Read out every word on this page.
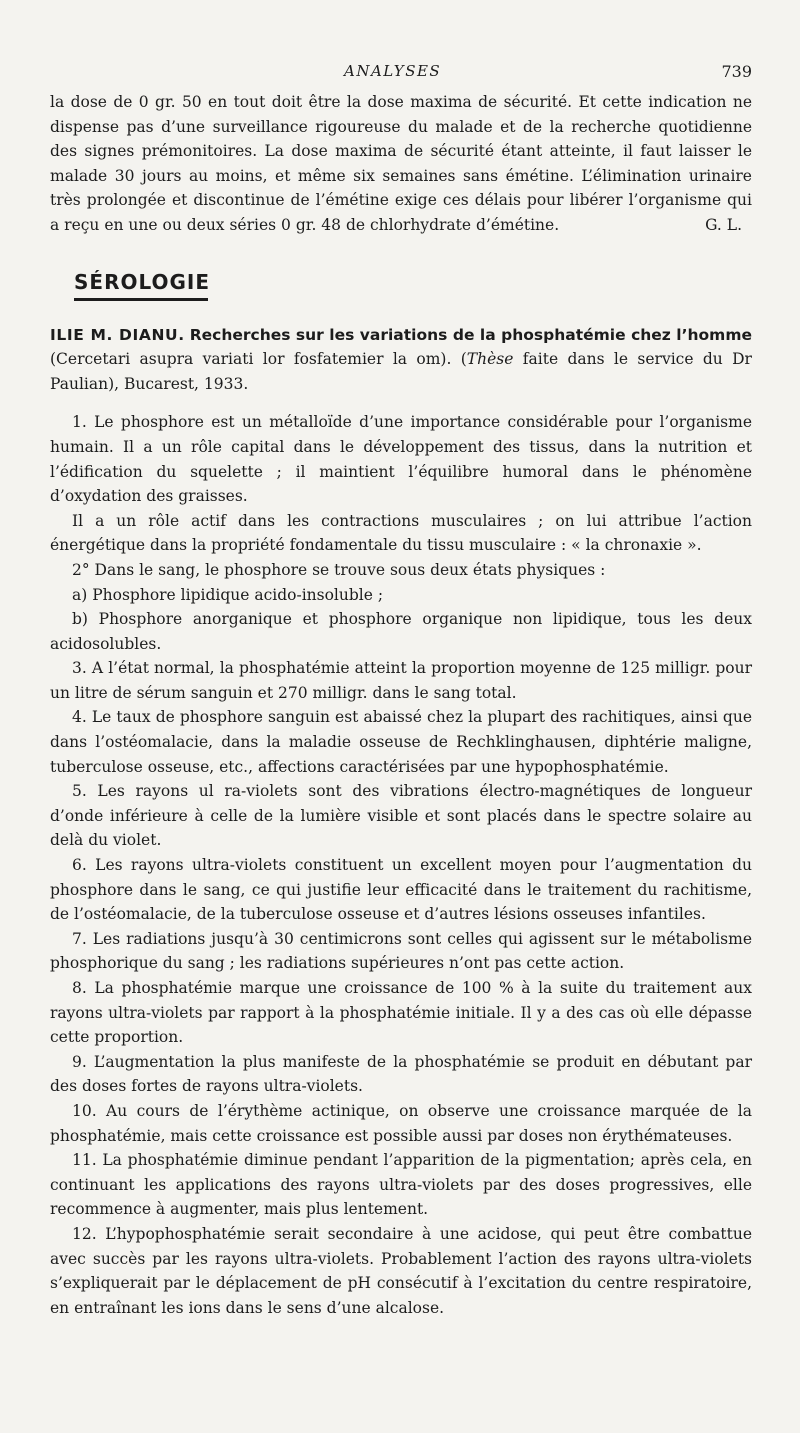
ANALYSES	739

la dose de 0 gr. 50 en tout doit être la dose maxima de sécurité. Et cette indication ne dispense pas d’une surveillance rigoureuse du malade et de la recherche quotidienne des signes prémonitoires. La dose maxima de sécurité étant atteinte, il faut laisser le malade 30 jours au moins, et même six semaines sans émétine. L’élimination urinaire très prolongée et discontinue de l’émétine exige ces délais pour libérer l’organisme qui a reçu en une ou deux séries 0 gr. 48 de chlorhydrate d’émétine.	G. L.

SÉROLOGIE

ILIE M. DIANU. Recherches sur les variations de la phosphatémie chez l’homme (Cercetari asupra variati lor fosfatemier la om). (Thèse faite dans le service du Dr Paulian), Bucarest, 1933.

1. Le phosphore est un métalloïde d’une importance considérable pour l’organisme humain. Il a un rôle capital dans le développement des tissus, dans la nutrition et l’édification du squelette ; il maintient l’équilibre humoral dans le phénomène d’oxydation des graisses.

Il a un rôle actif dans les contractions musculaires ; on lui attribue l’action énergétique dans la propriété fondamentale du tissu musculaire : « la chronaxie ».

2° Dans le sang, le phosphore se trouve sous deux états physiques :

a) Phosphore lipidique acido-insoluble ;

b) Phosphore anorganique et phosphore organique non lipidique, tous les deux acidosolubles.

3. A l’état normal, la phosphatémie atteint la proportion moyenne de 125 milligr. pour un litre de sérum sanguin et 270 milligr. dans le sang total.

4. Le taux de phosphore sanguin est abaissé chez la plupart des rachitiques, ainsi que dans l’ostéomalacie, dans la maladie osseuse de Rechklinghausen, diphtérie maligne, tuberculose osseuse, etc., affections caractérisées par une hypophosphatémie.

5. Les rayons ul ra-violets sont des vibrations électro-magnétiques de longueur d’onde inférieure à celle de la lumière visible et sont placés dans le spectre solaire au delà du violet.

6. Les rayons ultra-violets constituent un excellent moyen pour l’augmentation du phosphore dans le sang, ce qui justifie leur efficacité dans le traitement du rachitisme, de l’ostéomalacie, de la tuberculose osseuse et d’autres lésions osseuses infantiles.

7. Les radiations jusqu’à 30 centimicrons sont celles qui agissent sur le métabolisme phosphorique du sang ; les radiations supérieures n’ont pas cette action.

8. La phosphatémie marque une croissance de 100 % à la suite du traitement aux rayons ultra-violets par rapport à la phosphatémie initiale. Il y a des cas où elle dépasse cette proportion.

9. L’augmentation la plus manifeste de la phosphatémie se produit en débutant par des doses fortes de rayons ultra-violets.

10. Au cours de l’érythème actinique, on observe une croissance marquée de la phosphatémie, mais cette croissance est possible aussi par doses non érythémateuses.

11. La phosphatémie diminue pendant l’apparition de la pigmentation; après cela, en continuant les applications des rayons ultra-violets par des doses progressives, elle recommence à augmenter, mais plus lentement.

12. L’hypophosphatémie serait secondaire à une acidose, qui peut être combattue avec succès par les rayons ultra-violets. Probablement l’action des rayons ultra-violets s’expliquerait par le déplacement de pH consécutif à l’excitation du centre respiratoire, en entraînant les ions dans le sens d’une alcalose.
